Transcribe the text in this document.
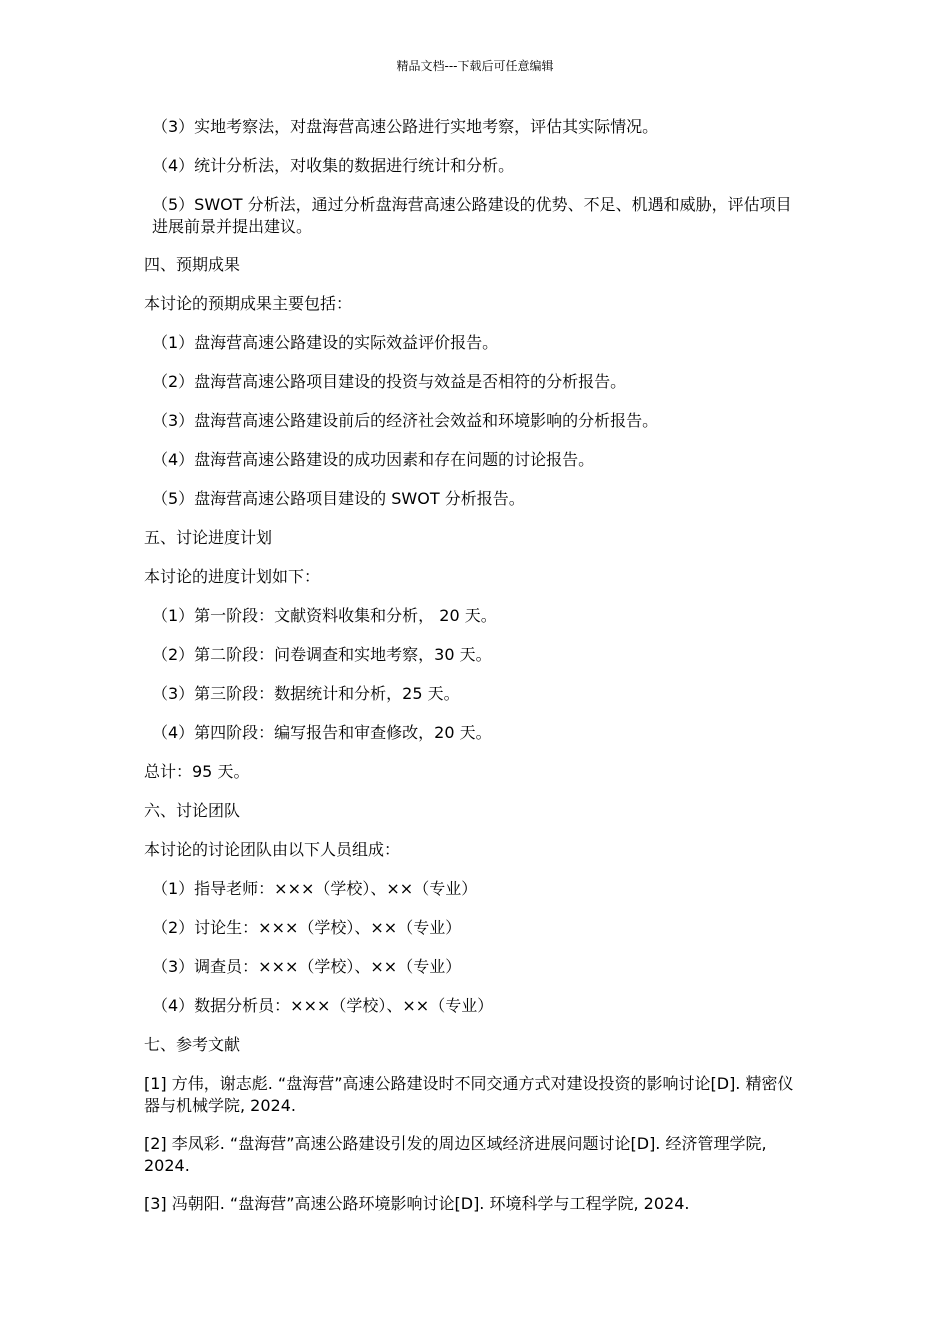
精品文档---下载后可任意编辑

（3）实地考察法，对盘海营高速公路进行实地考察，评估其实际情况。

（4）统计分析法，对收集的数据进行统计和分析。

（5）SWOT 分析法，通过分析盘海营高速公路建设的优势、不足、机遇和威胁，评估项目进展前景并提出建议。

四、预期成果

本讨论的预期成果主要包括：

（1）盘海营高速公路建设的实际效益评价报告。

（2）盘海营高速公路项目建设的投资与效益是否相符的分析报告。

（3）盘海营高速公路建设前后的经济社会效益和环境影响的分析报告。

（4）盘海营高速公路建设的成功因素和存在问题的讨论报告。

（5）盘海营高速公路项目建设的 SWOT 分析报告。

五、讨论进度计划

本讨论的进度计划如下：

（1）第一阶段：文献资料收集和分析， 20 天。

（2）第二阶段：问卷调查和实地考察，30 天。

（3）第三阶段：数据统计和分析，25 天。

（4）第四阶段：编写报告和审查修改，20 天。

总计：95 天。

六、讨论团队

本讨论的讨论团队由以下人员组成：

（1）指导老师：×××（学校）、××（专业）

（2）讨论生：×××（学校）、××（专业）

（3）调查员：×××（学校）、××（专业）

（4）数据分析员：×××（学校）、××（专业）

七、参考文献

[1] 方伟，谢志彪. “盘海营”高速公路建设时不同交通方式对建设投资的影响讨论[D]. 精密仪器与机械学院, 2024.

[2] 李凤彩. “盘海营”高速公路建设引发的周边区域经济进展问题讨论[D]. 经济管理学院, 2024.

[3] 冯朝阳. “盘海营”高速公路环境影响讨论[D]. 环境科学与工程学院, 2024.
